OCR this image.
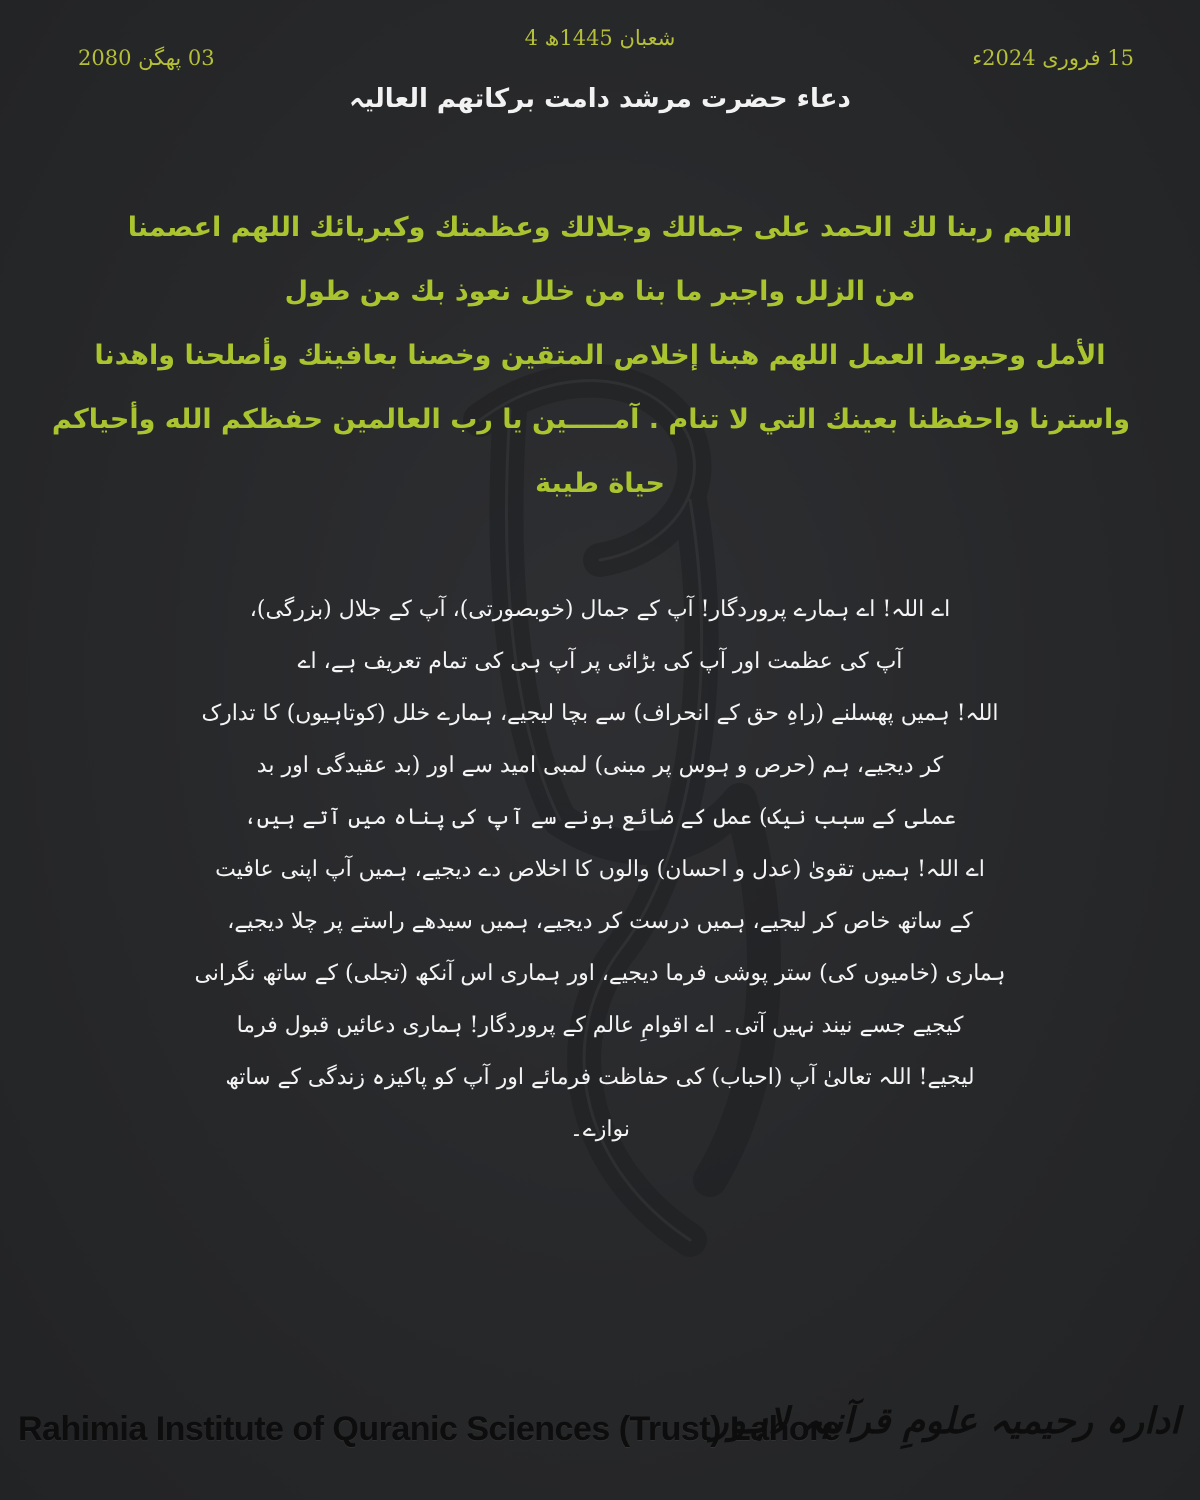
4 شعبان 1445ھ
15 فروری 2024ء
03 پھگن 2080
دعاء حضرت مرشد دامت برکاتھم العالیہ
اللھم ربنا لك الحمد علی جمالك وجلالك وعظمتك وکبریائك اللھم اعصمنا
من الزلل واجبر ما بنا من خلل نعوذ بك من طول
الأمل وحبوط العمل اللھم ھبنا إخلاص المتقين وخصنا بعافيتك وأصلحنا واھدنا
واسترنا واحفظنا بعينك التي لا تنام . آمـــــين يا رب العالمين حفظكم الله وأحياكم
حياة طيبة
اے اللہ! اے ہمارے پروردگار! آپ کے جمال (خوبصورتی)، آپ کے جلال (بزرگی)،
آپ کی عظمت اور آپ کی بڑائی پر آپ ہی کی تمام تعریف ہے، اے
اللہ! ہمیں پھسلنے (راہِ حق کے انحراف) سے بچا لیجیے، ہمارے خلل (کوتاہیوں) کا تدارک
کر دیجیے، ہم (حرص و ہوس پر مبنی) لمبی امید سے اور (بد عقیدگی اور بد
عملی کے سبب نیک) عمل کے ضائع ہونے سے آپ کی پناہ میں آتے ہیں،
اے اللہ! ہمیں تقویٰ (عدل و احسان) والوں کا اخلاص دے دیجیے، ہمیں آپ اپنی عافیت
کے ساتھ خاص کر لیجیے، ہمیں درست کر دیجیے، ہمیں سیدھے راستے پر چلا دیجیے،
ہماری (خامیوں کی) ستر پوشی فرما دیجیے، اور ہماری اس آنکھ (تجلی) کے ساتھ نگرانی
کیجیے جسے نیند نہیں آتی۔ اے اقوامِ عالم کے پروردگار! ہماری دعائیں قبول فرما
لیجیے! اللہ تعالیٰ آپ (احباب) کی حفاظت فرمائے اور آپ کو پاکیزہ زندگی کے ساتھ
نوازے۔
Rahimia Institute of Quranic Sciences (Trust) Lahore
ادارہ رحیمیہ علومِ قرآنیہ لاہور
